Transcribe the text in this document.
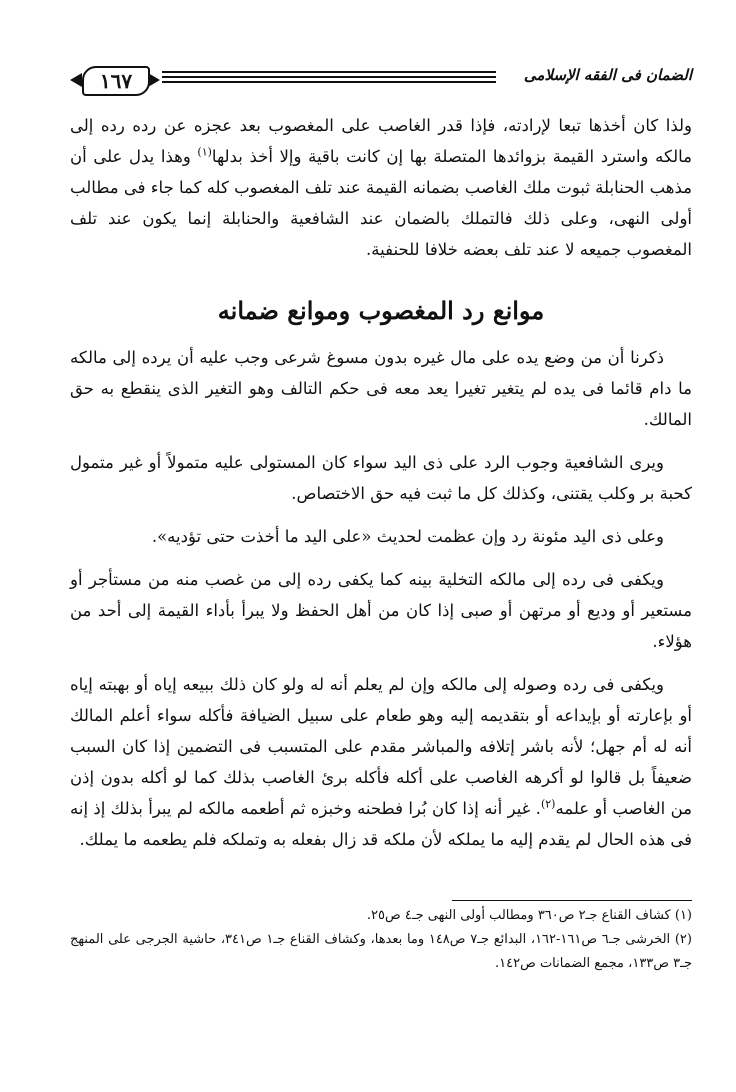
١٦٧	الضمان فى الفقه الإسلامى

ولذا كان أخذها تبعا لإرادته، فإذا قدر الغاصب على المغصوب بعد عجزه عن رده رده إلى مالكه واسترد القيمة بزوائدها المتصلة بها إن كانت باقية وإلا أخذ بدلها$^{(١)}$ وهذا يدل على أن مذهب الحنابلة ثبوت ملك الغاصب بضمانه القيمة عند تلف المغصوب كله كما جاء فى مطالب أولى النهى، وعلى ذلك فالتملك بالضمان عند الشافعية والحنابلة إنما يكون عند تلف المغصوب جميعه لا عند تلف بعضه خلافا للحنفية.

موانع رد المغصوب وموانع ضمانه

ذكرنا أن من وضع يده على مال غيره بدون مسوغ شرعى وجب عليه أن يرده إلى مالكه ما دام قائما فى يده لم يتغير تغيرا يعد معه فى حكم التالف وهو التغير الذى ينقطع به حق المالك.

ويرى الشافعية وجوب الرد على ذى اليد سواء كان المستولى عليه متمولاً أو غير متمول كحبة بر وكلب يقتنى، وكذلك كل ما ثبت فيه حق الاختصاص.

وعلى ذى اليد مئونة رد وإن عظمت لحديث «على اليد ما أخذت حتى تؤديه».

ويكفى فى رده إلى مالكه التخلية بينه كما يكفى رده إلى من غصب منه من مستأجر أو مستعير أو وديع أو مرتهن أو صبى إذا كان من أهل الحفظ ولا يبرأ بأداء القيمة إلى أحد من هؤلاء.

ويكفى فى رده وصوله إلى مالكه وإن لم يعلم أنه له ولو كان ذلك ببيعه إياه أو بهبته إياه أو بإعارته أو بإيداعه أو بتقديمه إليه وهو طعام على سبيل الضيافة فأكله سواء أعلم المالك أنه له أم جهل؛ لأنه باشر إتلافه والمباشر مقدم على المتسبب فى التضمين إذا كان السبب ضعيفاً بل قالوا لو أكرهه الغاصب على أكله فأكله برئ الغاصب بذلك كما لو أكله بدون إذن من الغاصب أو علمه$^{(٢)}$. غير أنه إذا كان بُرا فطحنه وخبزه ثم أطعمه مالكه لم يبرأ بذلك إذ إنه فى هذه الحال لم يقدم إليه ما يملكه لأن ملكه قد زال بفعله به وتملكه فلم يطعمه ما يملك.

(١) كشاف القناع جـ٢ ص٣٦٠ ومطالب أولى النهى جـ٤ ص٢٥.

(٢) الخرشى جـ٦ ص١٦١-١٦٢، البدائع جـ٧ ص١٤٨ وما بعدها، وكشاف القناع جـ١ ص٣٤١، حاشية الجرجى على المنهج جـ٣ ص١٣٣، مجمع الضمانات ص١٤٢.
